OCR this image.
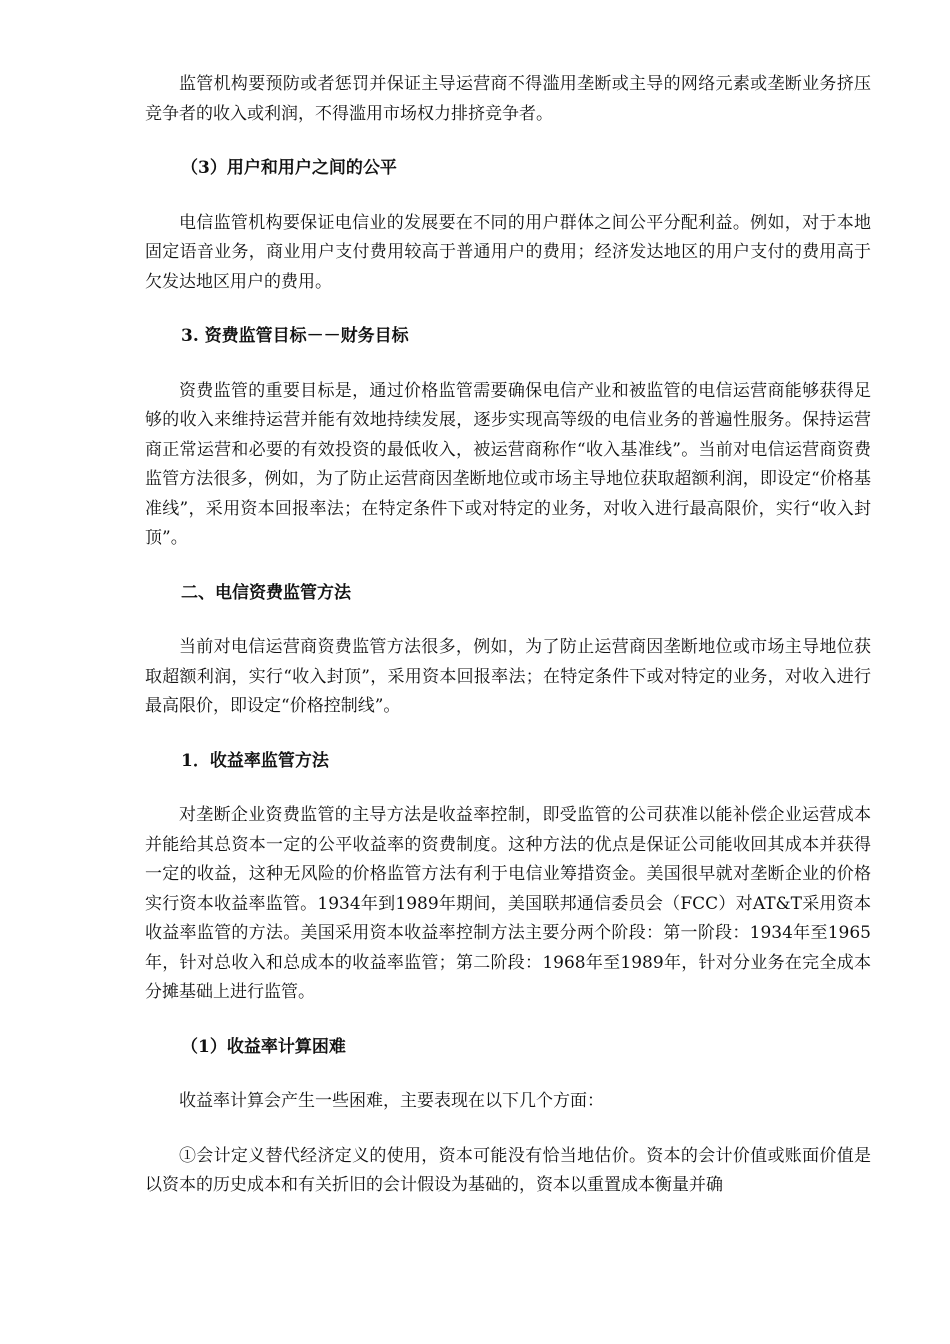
监管机构要预防或者惩罚并保证主导运营商不得滥用垄断或主导的网络元素或垄断业务挤压竞争者的收入或利润，不得滥用市场权力排挤竞争者。

（3）用户和用户之间的公平

电信监管机构要保证电信业的发展要在不同的用户群体之间公平分配利益。例如，对于本地固定语音业务，商业用户支付费用较高于普通用户的费用；经济发达地区的用户支付的费用高于欠发达地区用户的费用。

3. 资费监管目标－－财务目标

资费监管的重要目标是，通过价格监管需要确保电信产业和被监管的电信运营商能够获得足够的收入来维持运营并能有效地持续发展，逐步实现高等级的电信业务的普遍性服务。保持运营商正常运营和必要的有效投资的最低收入，被运营商称作“收入基准线”。当前对电信运营商资费监管方法很多，例如，为了防止运营商因垄断地位或市场主导地位获取超额利润，即设定“价格基准线”，采用资本回报率法；在特定条件下或对特定的业务，对收入进行最高限价，实行“收入封顶”。

二、电信资费监管方法

当前对电信运营商资费监管方法很多，例如，为了防止运营商因垄断地位或市场主导地位获取超额利润，实行“收入封顶”，采用资本回报率法；在特定条件下或对特定的业务，对收入进行最高限价，即设定“价格控制线”。

1．收益率监管方法

对垄断企业资费监管的主导方法是收益率控制，即受监管的公司获准以能补偿企业运营成本并能给其总资本一定的公平收益率的资费制度。这种方法的优点是保证公司能收回其成本并获得一定的收益，这种无风险的价格监管方法有利于电信业筹措资金。美国很早就对垄断企业的价格实行资本收益率监管。1934年到1989年期间，美国联邦通信委员会（FCC）对AT&T采用资本收益率监管的方法。美国采用资本收益率控制方法主要分两个阶段：第一阶段：1934年至1965年，针对总收入和总成本的收益率监管；第二阶段：1968年至1989年，针对分业务在完全成本分摊基础上进行监管。

（1）收益率计算困难

收益率计算会产生一些困难，主要表现在以下几个方面：

①会计定义替代经济定义的使用，资本可能没有恰当地估价。资本的会计价值或账面价值是以资本的历史成本和有关折旧的会计假设为基础的，资本以重置成本衡量并确
